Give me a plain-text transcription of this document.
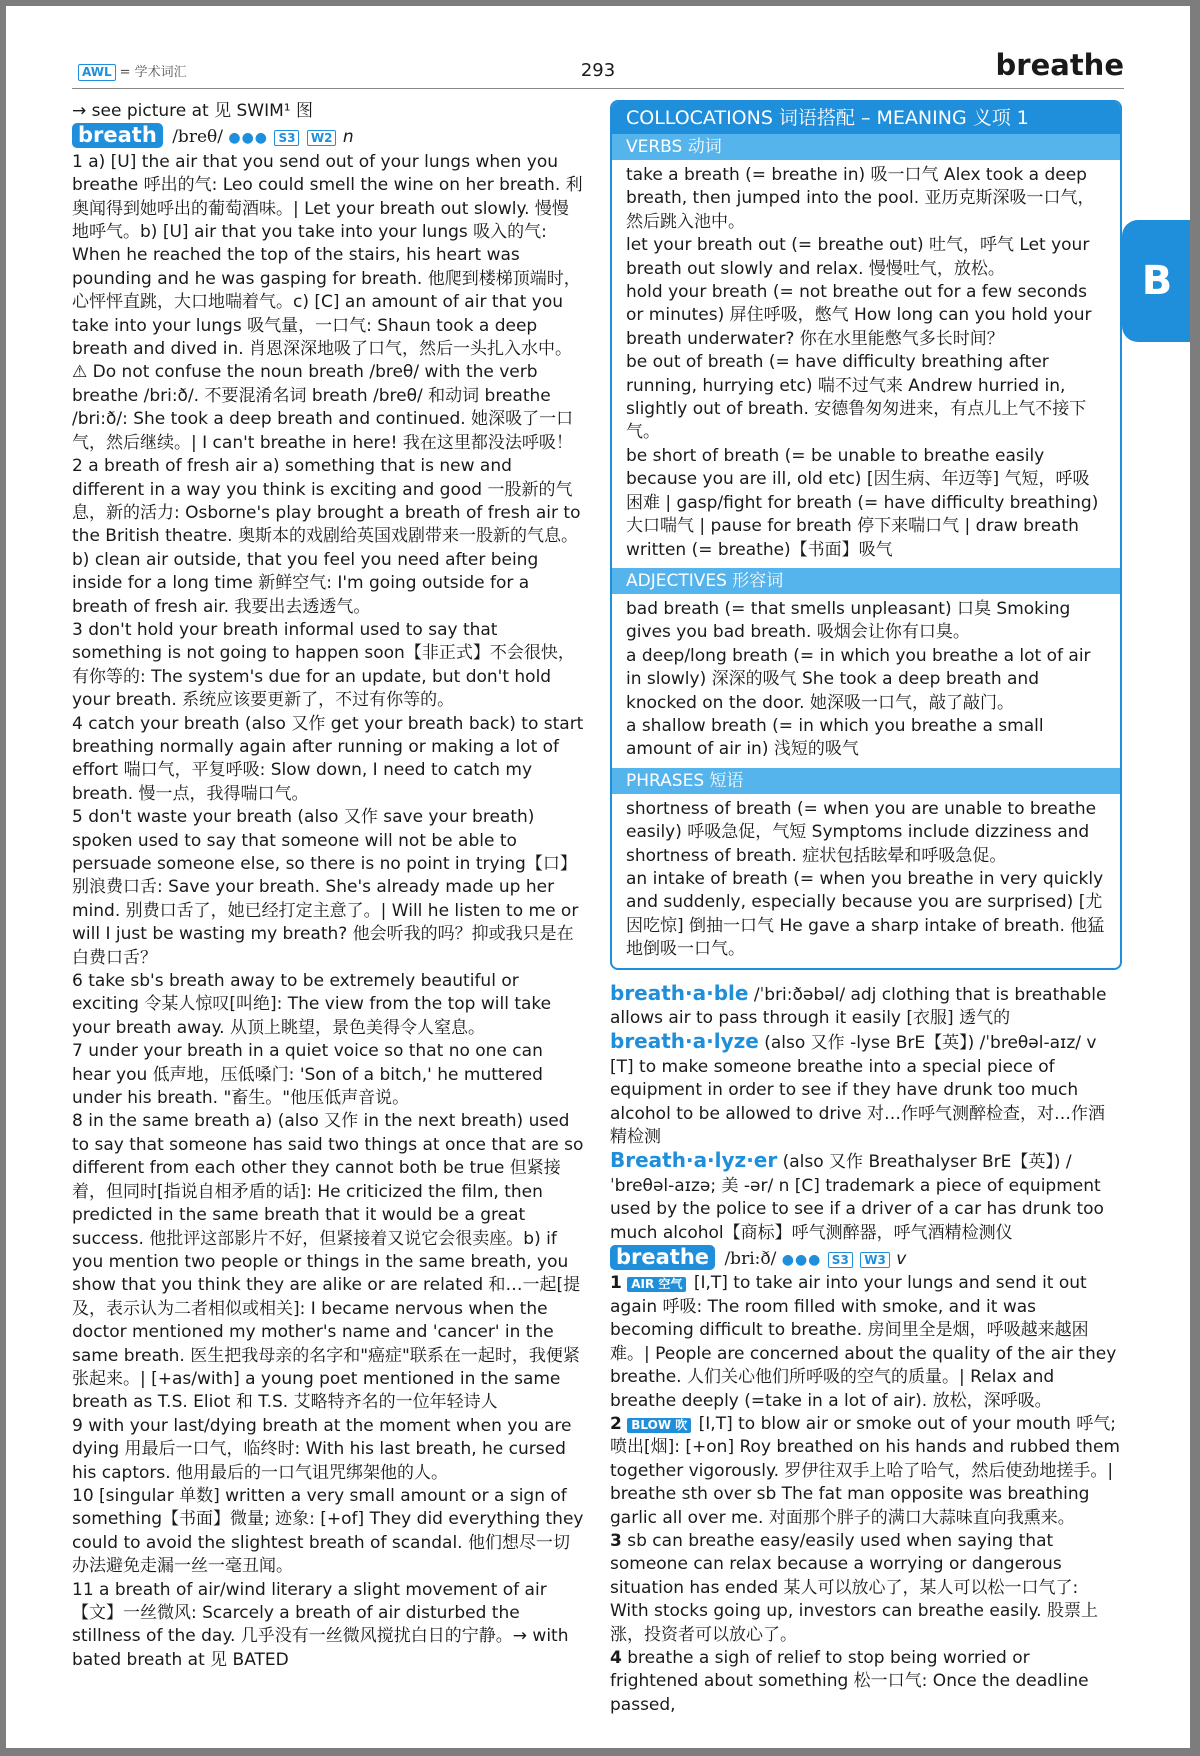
AWL = 学术词汇	293	breathe
B

→ see picture at 见 SWIM¹ 图

breath /breθ/ ●●● S3 W2 n

1 a) [U] the air that you send out of your lungs when you breathe 呼出的气: Leo could smell the wine on her breath. 利奥闻得到她呼出的葡萄酒味。| Let your breath out slowly. 慢慢地呼气。b) [U] air that you take into your lungs 吸入的气: When he reached the top of the stairs, his heart was pounding and he was gasping for breath. 他爬到楼梯顶端时，心怦怦直跳，大口地喘着气。c) [C] an amount of air that you take into your lungs 吸气量，一口气: Shaun took a deep breath and dived in. 肖恩深深地吸了口气，然后一头扎入水中。⚠ Do not confuse the noun breath /breθ/ with the verb breathe /bri:ð/. 不要混淆名词 breath /breθ/ 和动词 breathe /bri:ð/: She took a deep breath and continued. 她深吸了一口气，然后继续。| I can't breathe in here! 我在这里都没法呼吸！

2 a breath of fresh air a) something that is new and different in a way you think is exciting and good 一股新的气息，新的活力: Osborne's play brought a breath of fresh air to the British theatre. 奥斯本的戏剧给英国戏剧带来一股新的气息。b) clean air outside, that you feel you need after being inside for a long time 新鲜空气: I'm going outside for a breath of fresh air. 我要出去透透气。

3 don't hold your breath informal used to say that something is not going to happen soon【非正式】不会很快，有你等的: The system's due for an update, but don't hold your breath. 系统应该要更新了，不过有你等的。

4 catch your breath (also 又作 get your breath back) to start breathing normally again after running or making a lot of effort 喘口气，平复呼吸: Slow down, I need to catch my breath. 慢一点，我得喘口气。

5 don't waste your breath (also 又作 save your breath) spoken used to say that someone will not be able to persuade someone else, so there is no point in trying【口】别浪费口舌: Save your breath. She's already made up her mind. 别费口舌了，她已经打定主意了。| Will he listen to me or will I just be wasting my breath? 他会听我的吗？抑或我只是在白费口舌？

6 take sb's breath away to be extremely beautiful or exciting 令某人惊叹[叫绝]: The view from the top will take your breath away. 从顶上眺望，景色美得令人窒息。

7 under your breath in a quiet voice so that no one can hear you 低声地，压低嗓门: 'Son of a bitch,' he muttered under his breath. "畜生。"他压低声音说。

8 in the same breath a) (also 又作 in the next breath) used to say that someone has said two things at once that are so different from each other they cannot both be true 但紧接着，但同时[指说自相矛盾的话]: He criticized the film, then predicted in the same breath that it would be a great success. 他批评这部影片不好，但紧接着又说它会很卖座。b) if you mention two people or things in the same breath, you show that you think they are alike or are related 和…一起[提及，表示认为二者相似或相关]: I became nervous when the doctor mentioned my mother's name and 'cancer' in the same breath. 医生把我母亲的名字和"癌症"联系在一起时，我便紧张起来。| [+as/with] a young poet mentioned in the same breath as T.S. Eliot 和 T.S. 艾略特齐名的一位年轻诗人

9 with your last/dying breath at the moment when you are dying 用最后一口气，临终时: With his last breath, he cursed his captors. 他用最后的一口气诅咒绑架他的人。

10 [singular 单数] written a very small amount or a sign of something【书面】微量; 迹象: [+of] They did everything they could to avoid the slightest breath of scandal. 他们想尽一切办法避免走漏一丝一毫丑闻。

11 a breath of air/wind literary a slight movement of air【文】一丝微风: Scarcely a breath of air disturbed the stillness of the day. 几乎没有一丝微风搅扰白日的宁静。→ with bated breath at 见 BATED

COLLOCATIONS 词语搭配 – MEANING 义项 1
VERBS 动词

take a breath (= breathe in) 吸一口气 Alex took a deep breath, then jumped into the pool. 亚历克斯深吸一口气，然后跳入池中。

let your breath out (= breathe out) 吐气，呼气 Let your breath out slowly and relax. 慢慢吐气，放松。

hold your breath (= not breathe out for a few seconds or minutes) 屏住呼吸，憋气 How long can you hold your breath underwater? 你在水里能憋气多长时间？

be out of breath (= have difficulty breathing after running, hurrying etc) 喘不过气来 Andrew hurried in, slightly out of breath. 安德鲁匆匆进来，有点儿上气不接下气。

be short of breath (= be unable to breathe easily because you are ill, old etc) [因生病、年迈等] 气短，呼吸困难 | gasp/fight for breath (= have difficulty breathing) 大口喘气 | pause for breath 停下来喘口气 | draw breath written (= breathe)【书面】吸气

ADJECTIVES 形容词

bad breath (= that smells unpleasant) 口臭 Smoking gives you bad breath. 吸烟会让你有口臭。

a deep/long breath (= in which you breathe a lot of air in slowly) 深深的吸气 She took a deep breath and knocked on the door. 她深吸一口气，敲了敲门。

a shallow breath (= in which you breathe a small amount of air in) 浅短的吸气

PHRASES 短语

shortness of breath (= when you are unable to breathe easily) 呼吸急促，气短 Symptoms include dizziness and shortness of breath. 症状包括眩晕和呼吸急促。

an intake of breath (= when you breathe in very quickly and suddenly, especially because you are surprised) [尤因吃惊] 倒抽一口气 He gave a sharp intake of breath. 他猛地倒吸一口气。

breath·a·ble /ˈbri:ðəbəl/ adj clothing that is breathable allows air to pass through it easily [衣服] 透气的

breath·a·lyze (also 又作 -lyse BrE【英】) /ˈbreθəl-aɪz/ v [T] to make someone breathe into a special piece of equipment in order to see if they have drunk too much alcohol to be allowed to drive 对…作呼气测醉检查，对…作酒精检测

Breath·a·lyz·er (also 又作 Breathalyser BrE【英】) /ˈbreθəl-aɪzə; 美 -ər/ n [C] trademark a piece of equipment used by the police to see if a driver of a car has drunk too much alcohol【商标】呼气测醉器，呼气酒精检测仪

breathe /bri:ð/ ●●● S3 W3 v

1 AIR 空气 [I,T] to take air into your lungs and send it out again 呼吸: The room filled with smoke, and it was becoming difficult to breathe. 房间里全是烟，呼吸越来越困难。| People are concerned about the quality of the air they breathe. 人们关心他们所呼吸的空气的质量。| Relax and breathe deeply (=take in a lot of air). 放松，深呼吸。

2 BLOW 吹 [I,T] to blow air or smoke out of your mouth 呼气; 喷出[烟]: [+on] Roy breathed on his hands and rubbed them together vigorously. 罗伊往双手上哈了哈气，然后使劲地搓手。| breathe sth over sb The fat man opposite was breathing garlic all over me. 对面那个胖子的满口大蒜味直向我熏来。

3 sb can breathe easy/easily used when saying that someone can relax because a worrying or dangerous situation has ended 某人可以放心了，某人可以松一口气了: With stocks going up, investors can breathe easily. 股票上涨，投资者可以放心了。

4 breathe a sigh of relief to stop being worried or frightened about something 松一口气: Once the deadline passed,
